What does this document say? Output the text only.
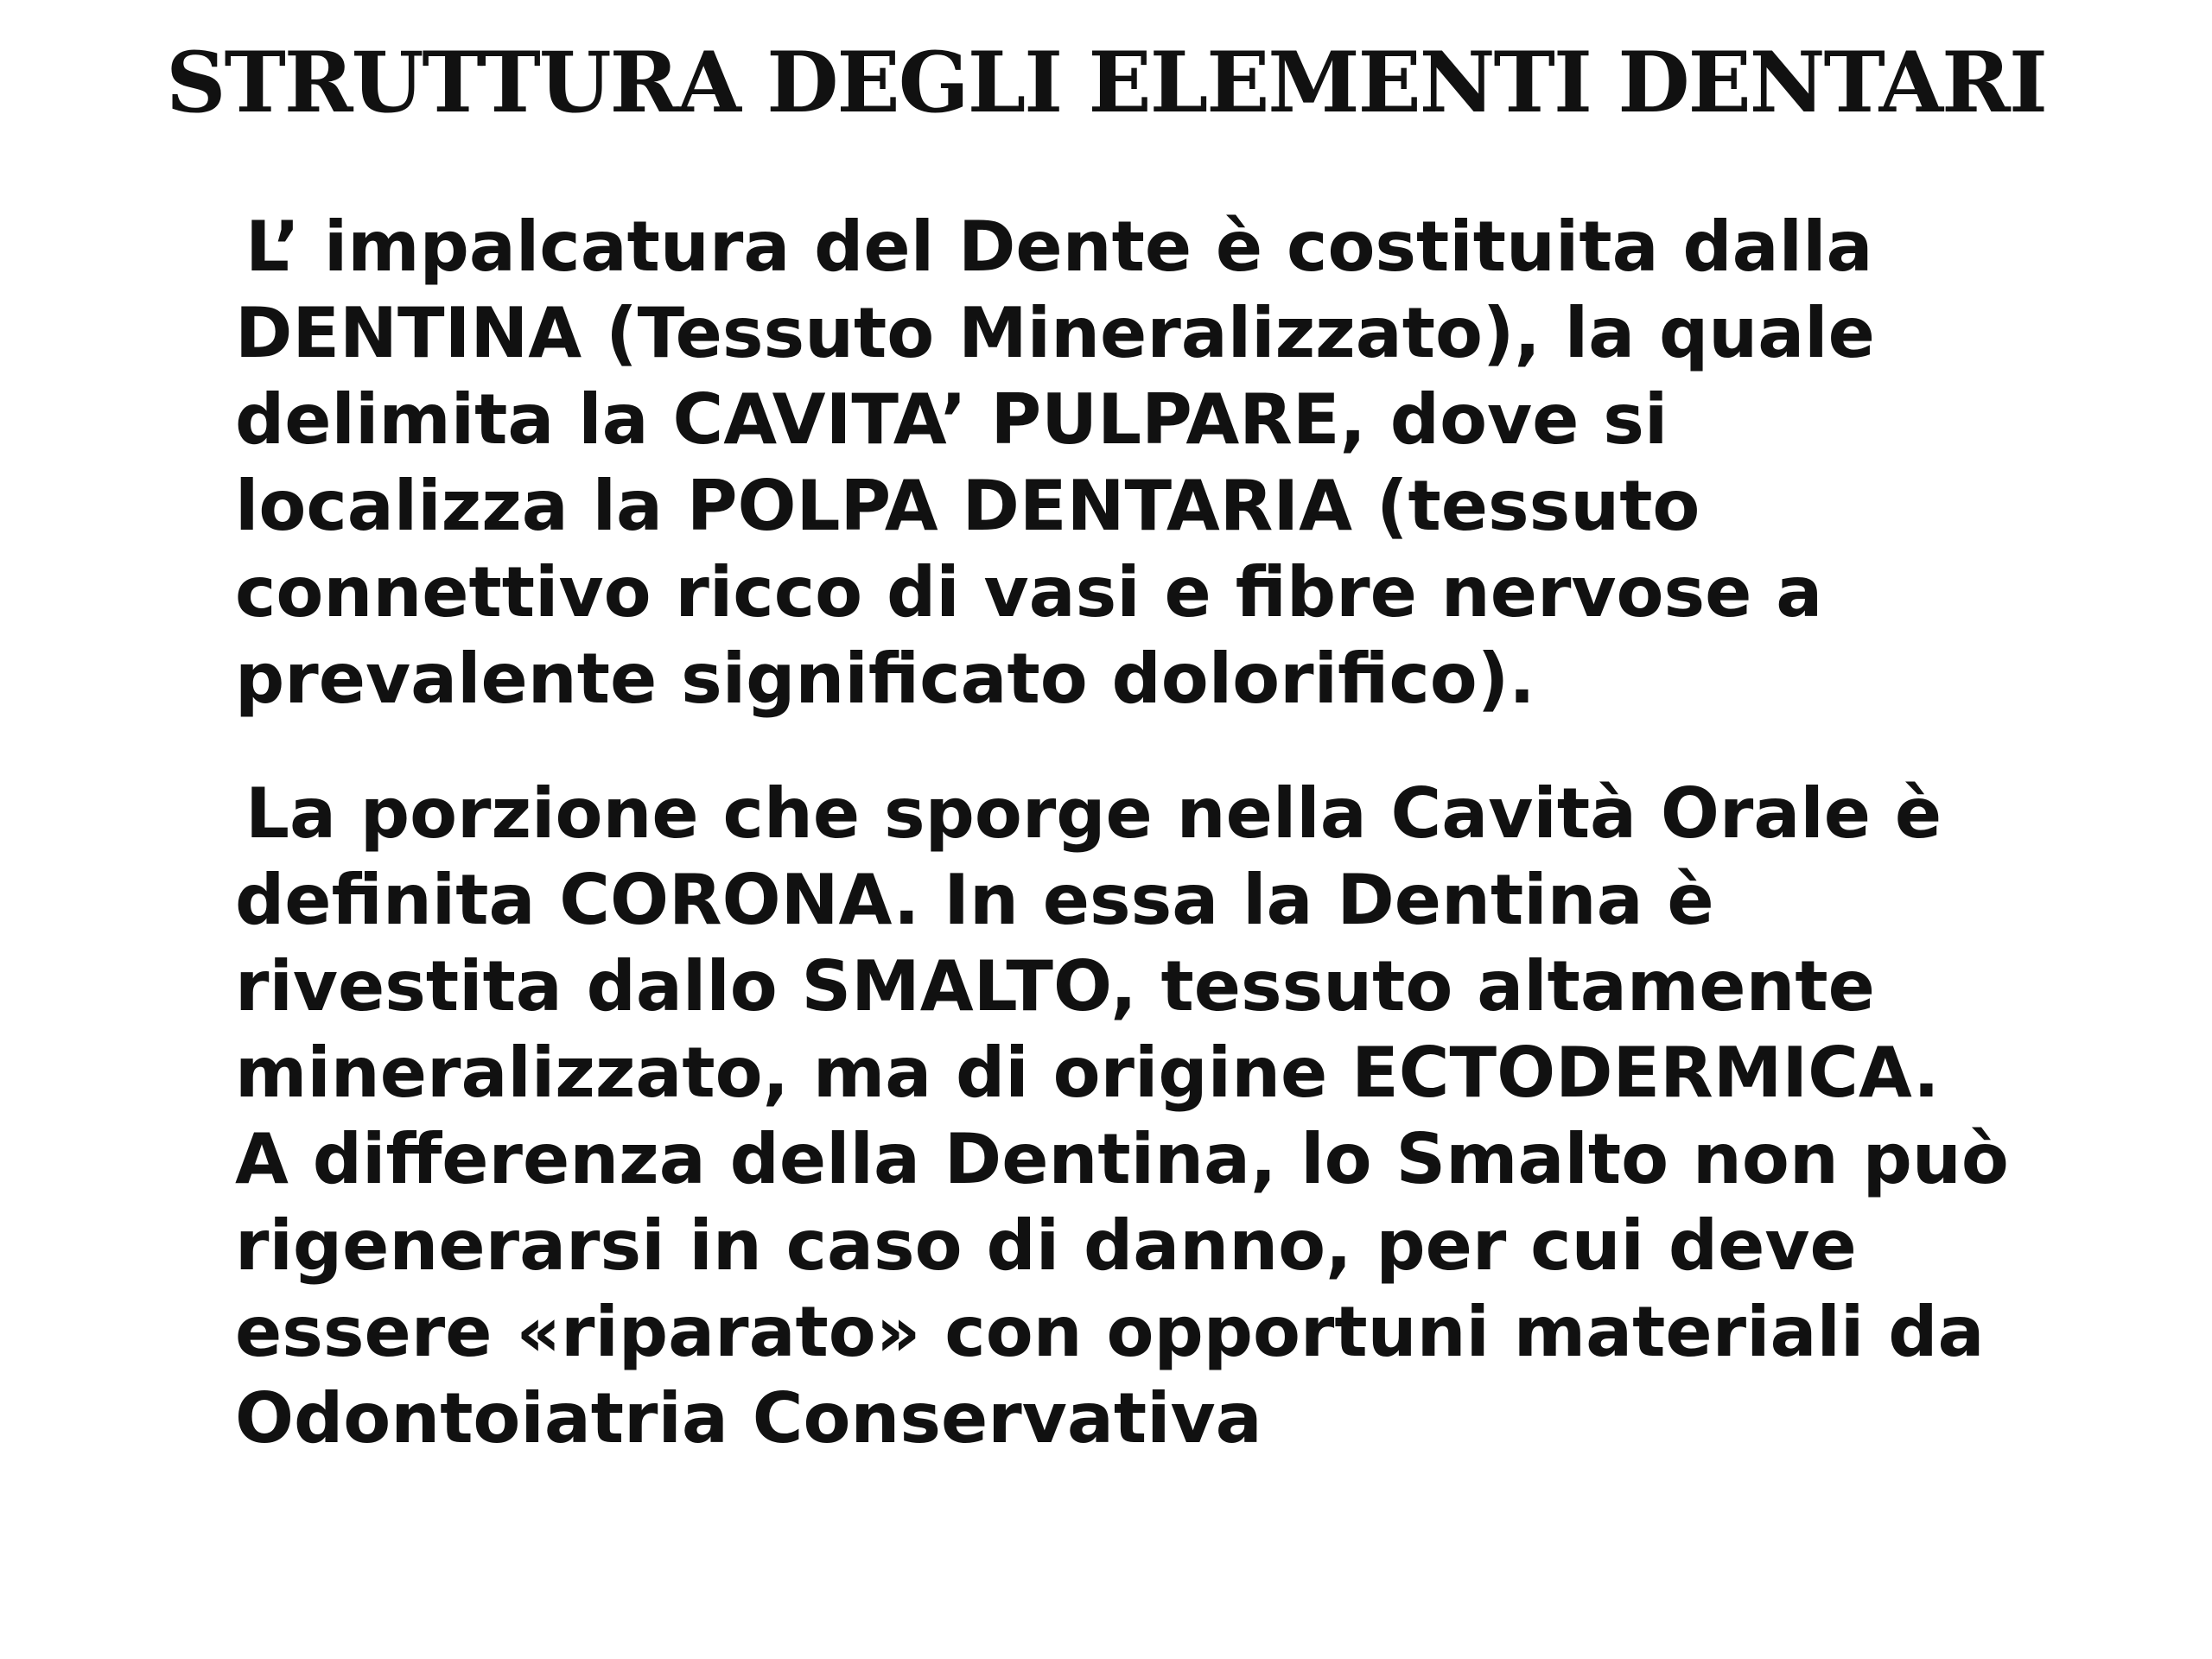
STRUTTURA DEGLI ELEMENTI DENTARI
L’ impalcatura del Dente è costituita dalla
DENTINA (Tessuto Mineralizzato), la quale
delimita la CAVITA’ PULPARE, dove si
localizza la POLPA DENTARIA (tessuto
connettivo ricco di vasi e fibre nervose a
prevalente significato dolorifico).
La porzione che sporge nella Cavità Orale è
definita CORONA. In essa la Dentina è
rivestita dallo SMALTO, tessuto altamente
mineralizzato, ma di origine ECTODERMICA.
A differenza della Dentina, lo Smalto non può
rigenerarsi in caso di danno, per cui deve
essere «riparato» con opportuni materiali da
Odontoiatria Conservativa
